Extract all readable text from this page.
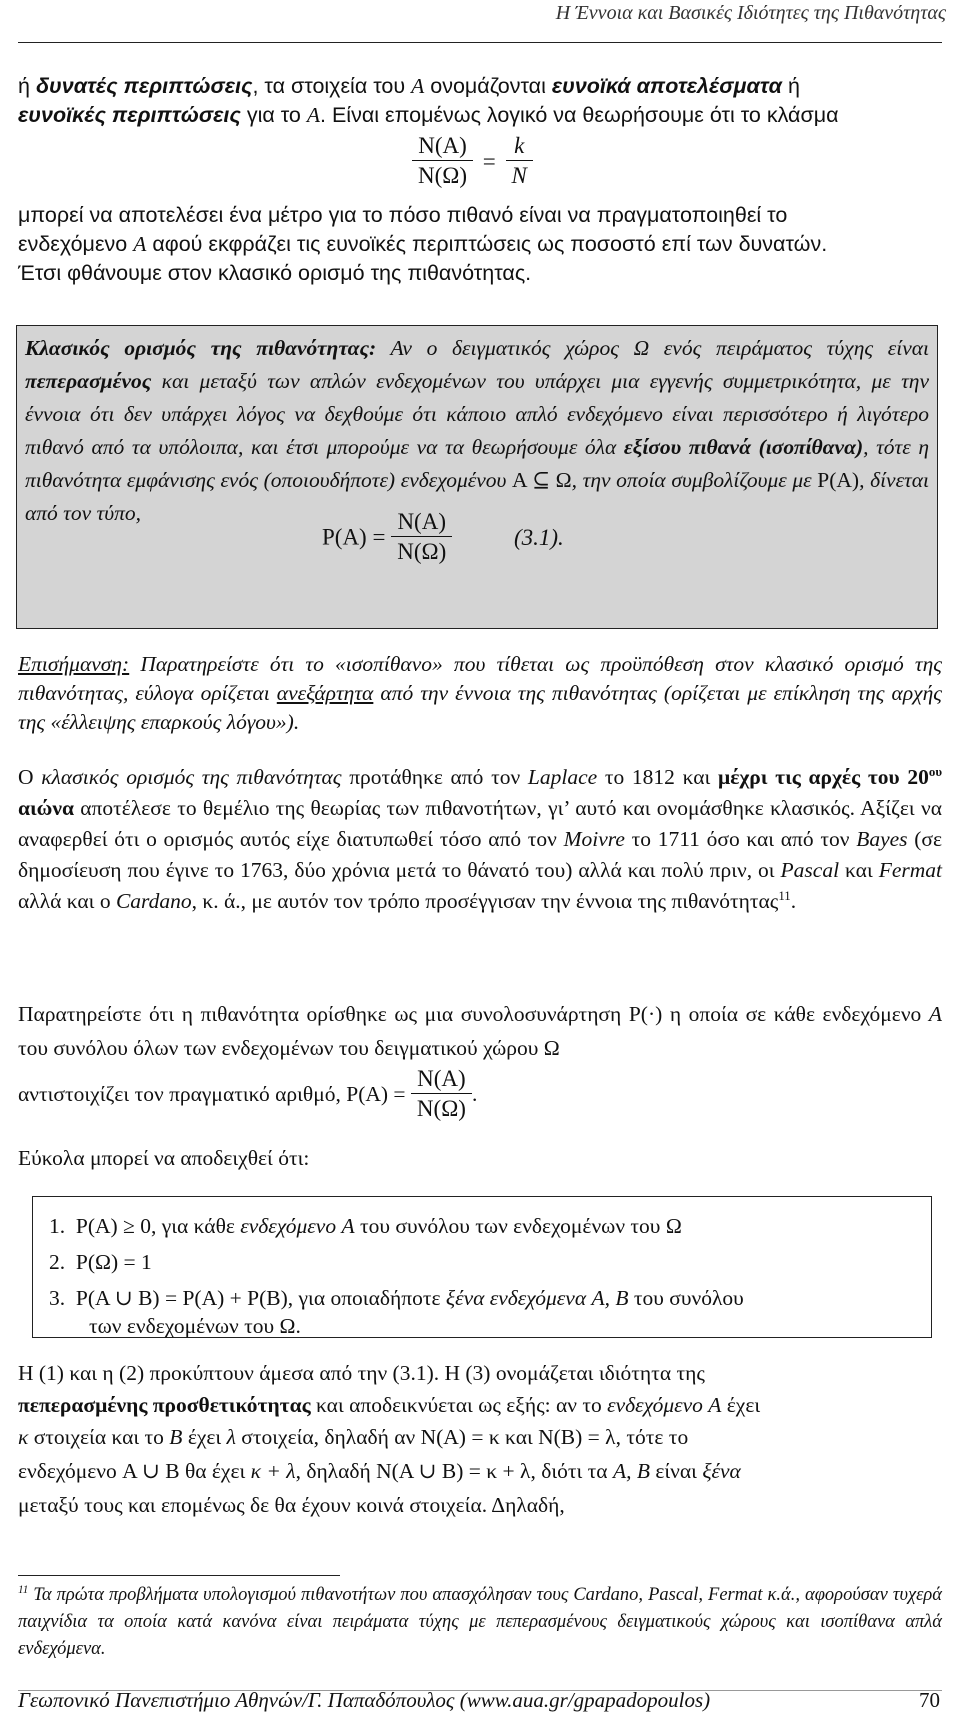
Η Έννοια και Βασικές Ιδιότητες της Πιθανότητας
ή δυνατές περιπτώσεις, τα στοιχεία του Α ονομάζονται ευνοϊκά αποτελέσματα ή
ευνοϊκές περιπτώσεις για το Α. Είναι επομένως λογικό να θεωρήσουμε ότι το κλάσμα
$\frac{N(A)}{N(\Omega)} = \frac{k}{N}$
μπορεί να αποτελέσει ένα μέτρο για το πόσο πιθανό είναι να πραγματοποιηθεί το
ενδεχόμενο Α αφού εκφράζει τις ευνοϊκές περιπτώσεις ως ποσοστό επί των δυνατών.
Έτσι φθάνουμε στον κλασικό ορισμό της πιθανότητας.
Κλασικός ορισμός της πιθανότητας: Αν ο δειγματικός χώρος Ω ενός πειράματος τύχης είναι πεπερασμένος και μεταξύ των απλών ενδεχομένων του υπάρχει μια εγγενής συμμετρικότητα, με την έννοια ότι δεν υπάρχει λόγος να δεχθούμε ότι κάποιο απλό ενδεχόμενο είναι περισσότερο ή λιγότερο πιθανό από τα υπόλοιπα, και έτσι μπορούμε να τα θεωρήσουμε όλα εξίσου πιθανά (ισοπίθανα), τότε η πιθανότητα εμφάνισης ενός (οποιουδήποτε) ενδεχομένου A ⊆ Ω, την οποία συμβολίζουμε με P(A), δίνεται από τον τύπο,
$P(A) = \frac{N(A)}{N(\Omega)}$	(3.1).
Επισήμανση: Παρατηρείστε ότι το «ισοπίθανο» που τίθεται ως προϋπόθεση στον κλασικό ορισμό της πιθανότητας, εύλογα ορίζεται ανεξάρτητα από την έννοια της πιθανότητας (ορίζεται με επίκληση της αρχής της «έλλειψης επαρκούς λόγου»).
Ο κλασικός ορισμός της πιθανότητας προτάθηκε από τον Laplace το 1812 και μέχρι τις αρχές του $20^{o\upsilon}$ αιώνα αποτέλεσε το θεμέλιο της θεωρίας των πιθανοτήτων, γι’ αυτό και ονομάσθηκε κλασικός. Αξίζει να αναφερθεί ότι ο ορισμός αυτός είχε διατυπωθεί τόσο από τον Moivre το 1711 όσο και από τον Bayes (σε δημοσίευση που έγινε το 1763, δύο χρόνια μετά το θάνατό του) αλλά και πολύ πριν, οι Pascal και Fermat αλλά και ο Cardano, κ. ά., με αυτόν τον τρόπο προσέγγισαν την έννοια της πιθανότητας$^{11}$.
Παρατηρείστε ότι η πιθανότητα ορίσθηκε ως μια συνολοσυνάρτηση P(·) η οποία σε κάθε ενδεχόμενο A του συνόλου όλων των ενδεχομένων του δειγματικού χώρου Ω
αντιστοιχίζει τον πραγματικό αριθμό, $P(A) = \frac{N(A)}{N(\Omega)}$ .
Εύκολα μπορεί να αποδειχθεί ότι:
1. P(A) ≥ 0, για κάθε ενδεχόμενο A του συνόλου των ενδεχομένων του Ω
2. P(Ω) = 1
3. P(A ∪ B) = P(A) + P(B), για οποιαδήποτε ξένα ενδεχόμενα A, B του συνόλου
των ενδεχομένων του Ω.
Η (1) και η (2) προκύπτουν άμεσα από την (3.1). Η (3) ονομάζεται ιδιότητα της
πεπερασμένης προσθετικότητας και αποδεικνύεται ως εξής: αν το ενδεχόμενο A έχει
κ στοιχεία και το B έχει λ στοιχεία, δηλαδή αν N(A) = κ και N(B) = λ, τότε το
ενδεχόμενο A ∪ B θα έχει κ + λ, δηλαδή N(A ∪ B) = κ + λ, διότι τα A, B είναι ξένα
μεταξύ τους και επομένως δε θα έχουν κοινά στοιχεία. Δηλαδή,
$^{11}$ Τα πρώτα προβλήματα υπολογισμού πιθανοτήτων που απασχόλησαν τους Cardano, Pascal, Fermat κ.ά., αφορούσαν τυχερά παιχνίδια τα οποία κατά κανόνα είναι πειράματα τύχης με πεπερασμένους δειγματικούς χώρους και ισοπίθανα απλά ενδεχόμενα.
Γεωπονικό Πανεπιστήμιο Αθηνών/Γ. Παπαδόπουλος (www.aua.gr/gpapadopoulos)	70
